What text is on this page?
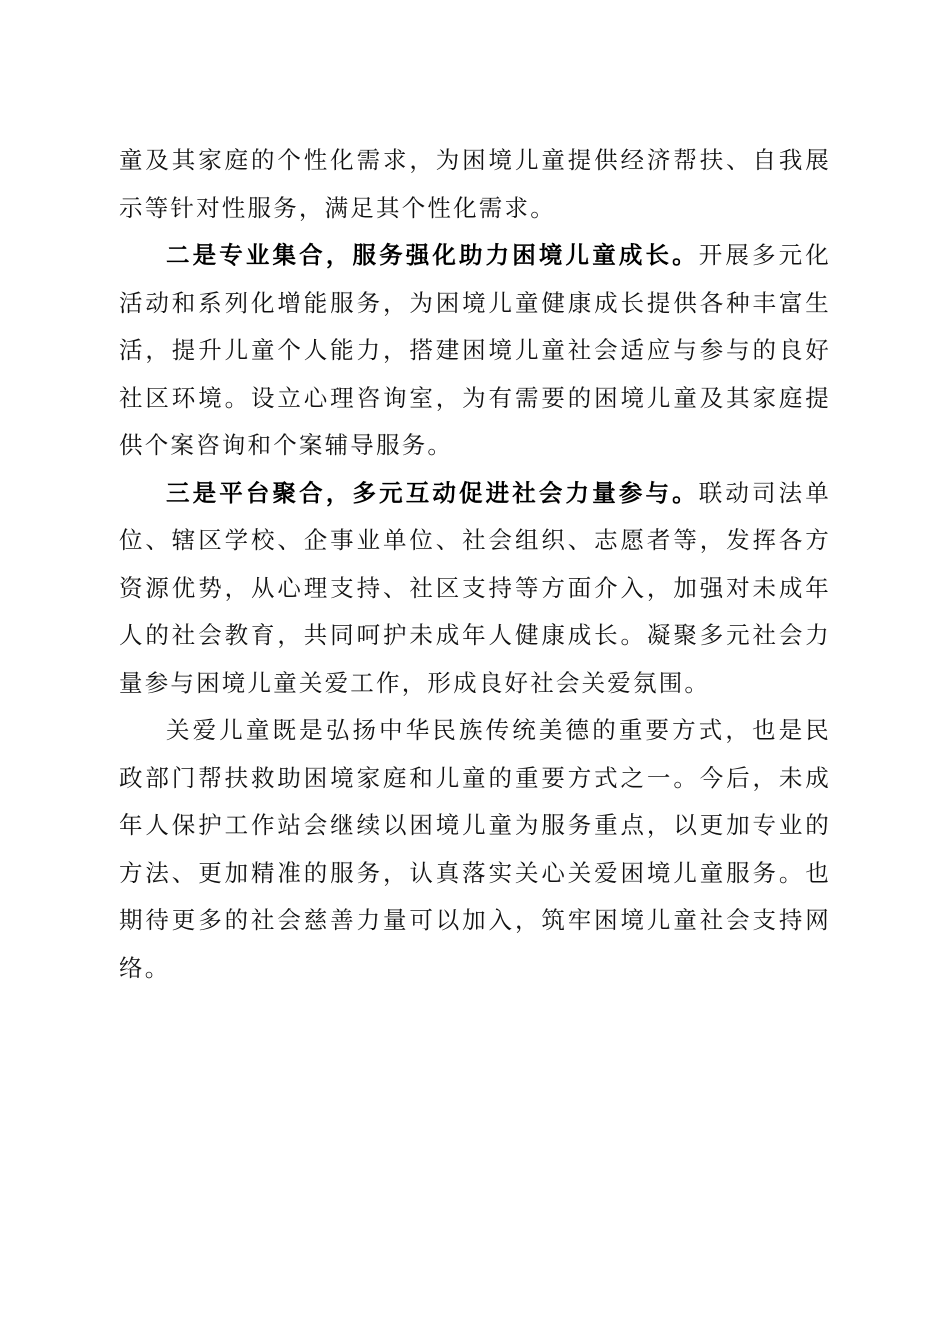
童及其家庭的个性化需求，为困境儿童提供经济帮扶、自我展示等针对性服务，满足其个性化需求。

二是专业集合，服务强化助力困境儿童成长。开展多元化活动和系列化增能服务，为困境儿童健康成长提供各种丰富生活，提升儿童个人能力，搭建困境儿童社会适应与参与的良好社区环境。设立心理咨询室，为有需要的困境儿童及其家庭提供个案咨询和个案辅导服务。

三是平台聚合，多元互动促进社会力量参与。联动司法单位、辖区学校、企事业单位、社会组织、志愿者等，发挥各方资源优势，从心理支持、社区支持等方面介入，加强对未成年人的社会教育，共同呵护未成年人健康成长。凝聚多元社会力量参与困境儿童关爱工作，形成良好社会关爱氛围。

关爱儿童既是弘扬中华民族传统美德的重要方式，也是民政部门帮扶救助困境家庭和儿童的重要方式之一。今后，未成年人保护工作站会继续以困境儿童为服务重点，以更加专业的方法、更加精准的服务，认真落实关心关爱困境儿童服务。也期待更多的社会慈善力量可以加入，筑牢困境儿童社会支持网络。
